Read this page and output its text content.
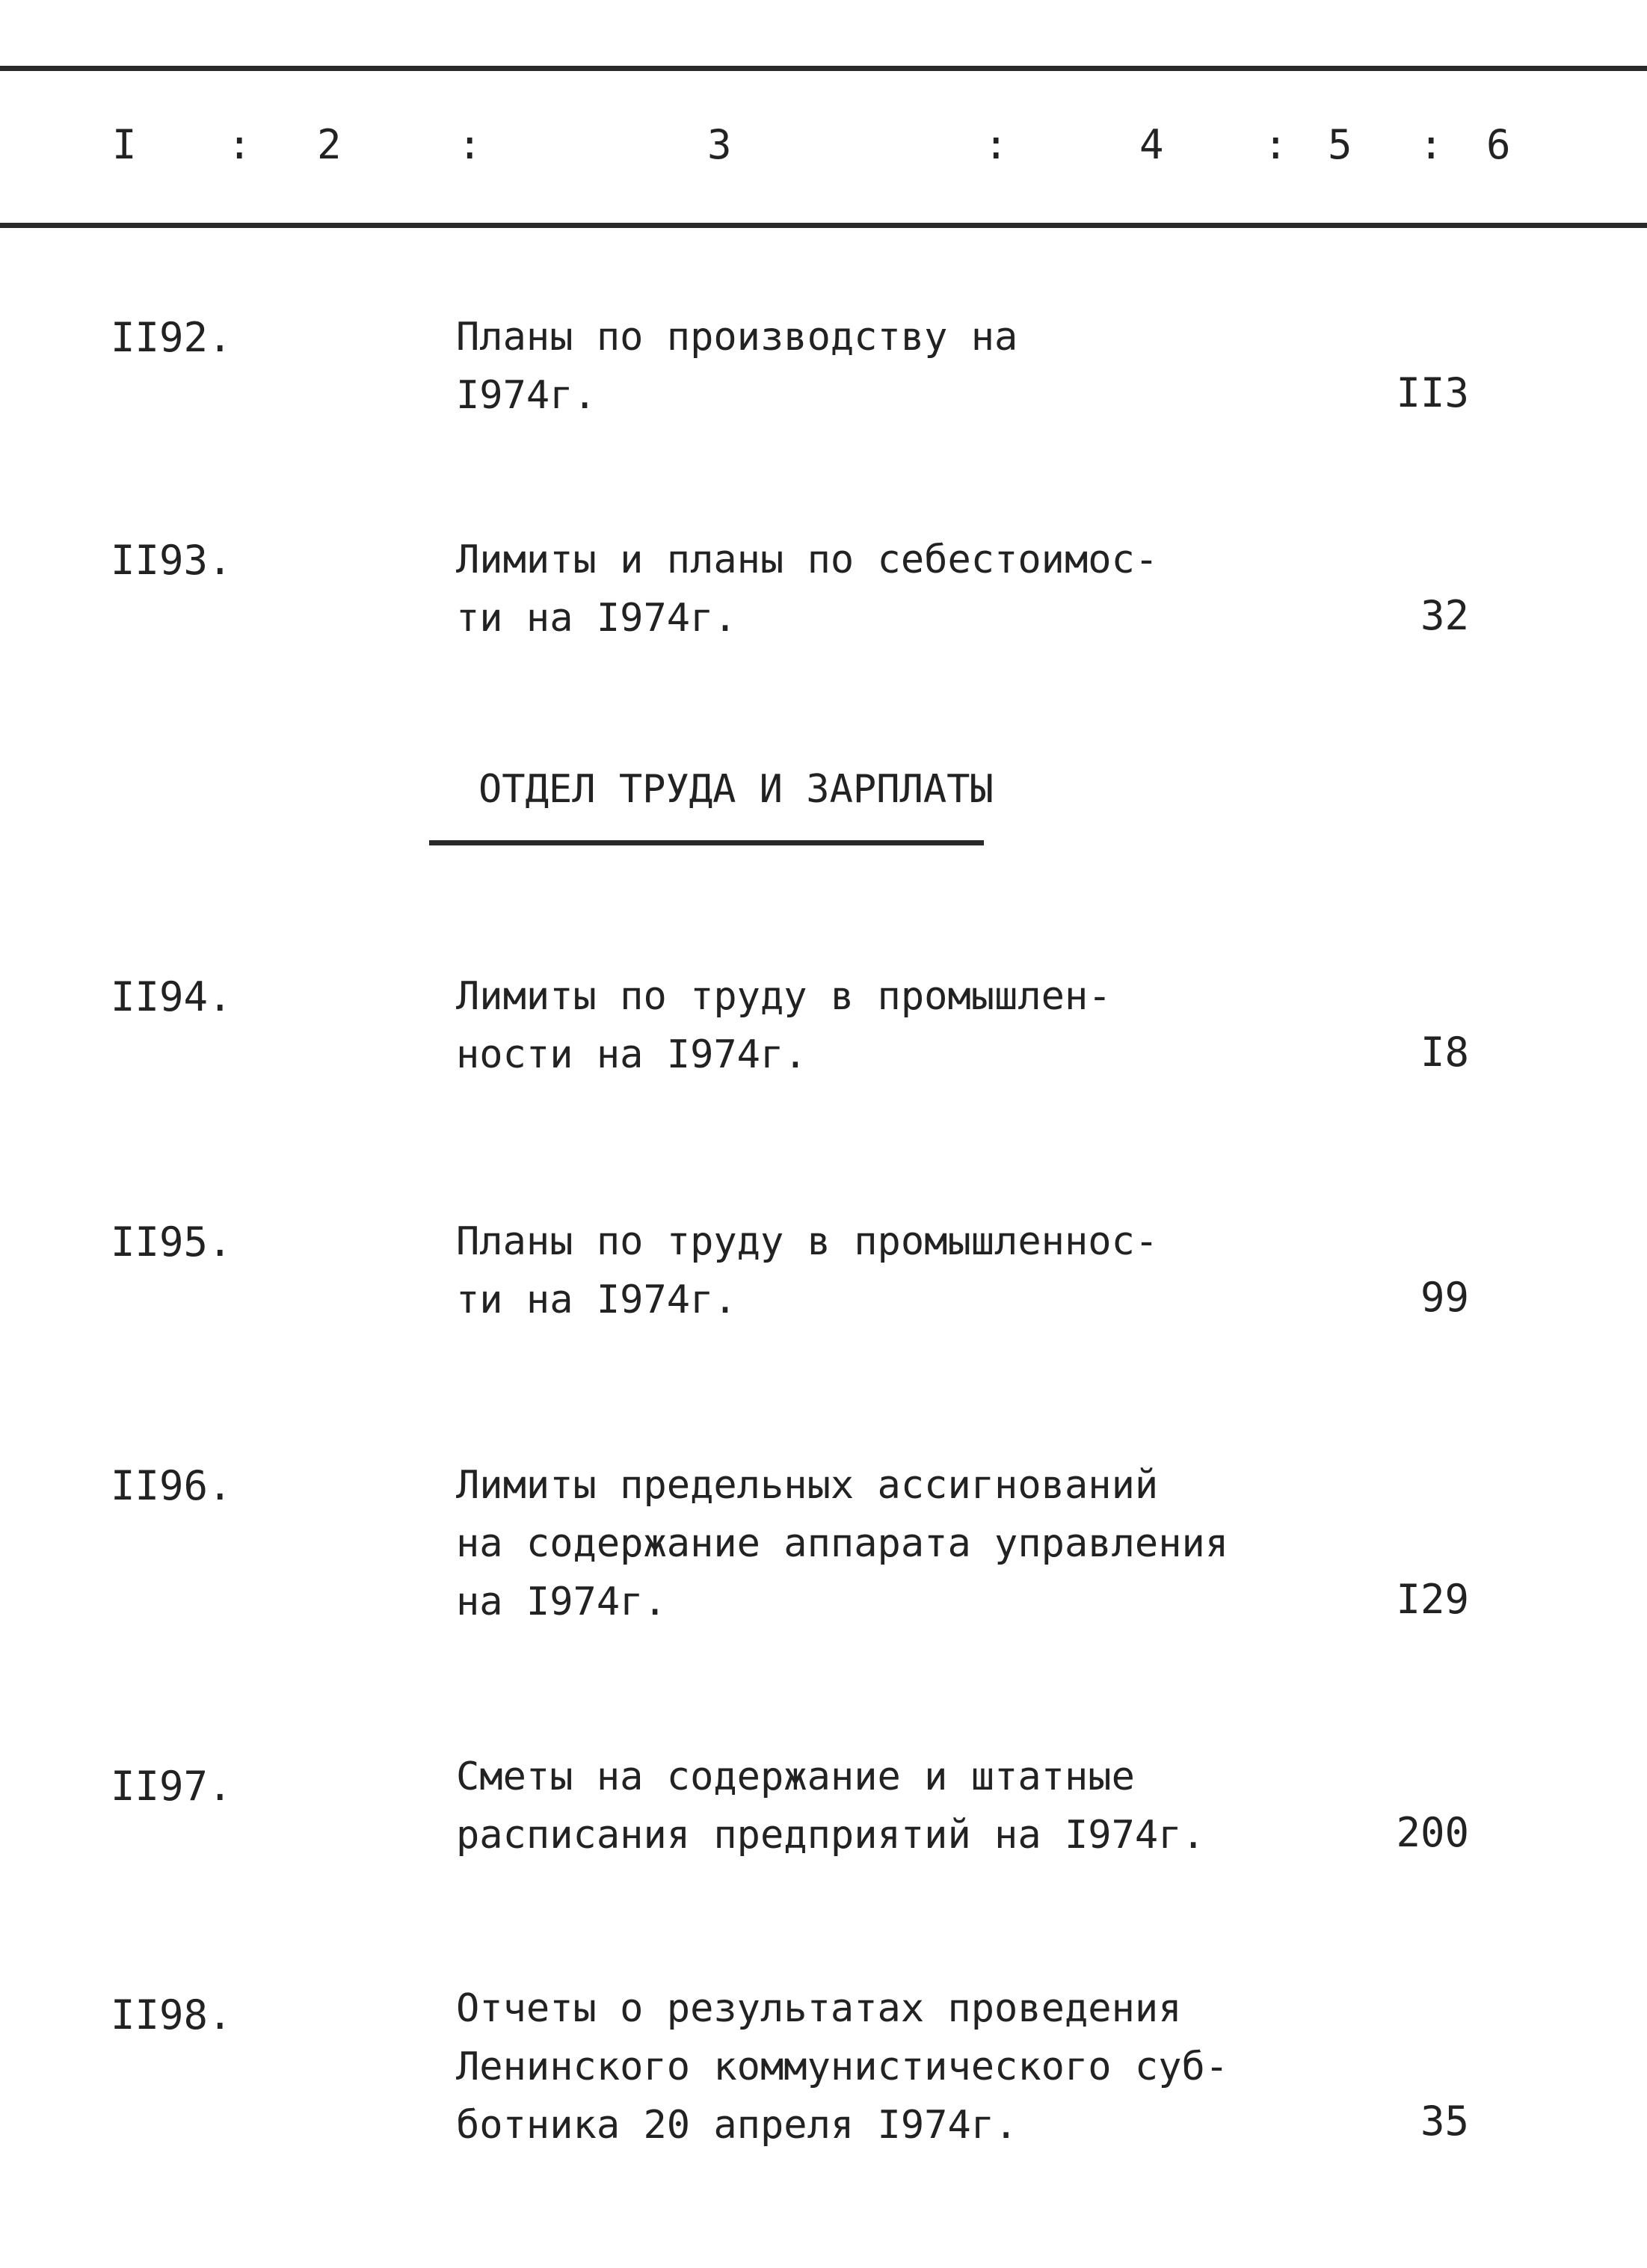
I : 2	:	3	:	4 : 5 : 6
II92.	Планы по производству на
I974г.	II3
II93.	Лимиты и планы по себестоимос-
ти на I974г.	32
ОТДЕЛ ТРУДА И ЗАРПЛАТЫ
II94.	Лимиты по труду в промышлен-
ности на I974г.	I8
II95.	Планы по труду в промышленнос-
ти на I974г.	99
II96.	Лимиты предельных ассигнований
на содержание аппарата управления
на I974г.	I29
II97.	Сметы на содержание и штатные
расписания предприятий на I974г.	200
II98.	Отчеты о результатах проведения
Ленинского коммунистического суб-
ботника 20 апреля I974г.	35
